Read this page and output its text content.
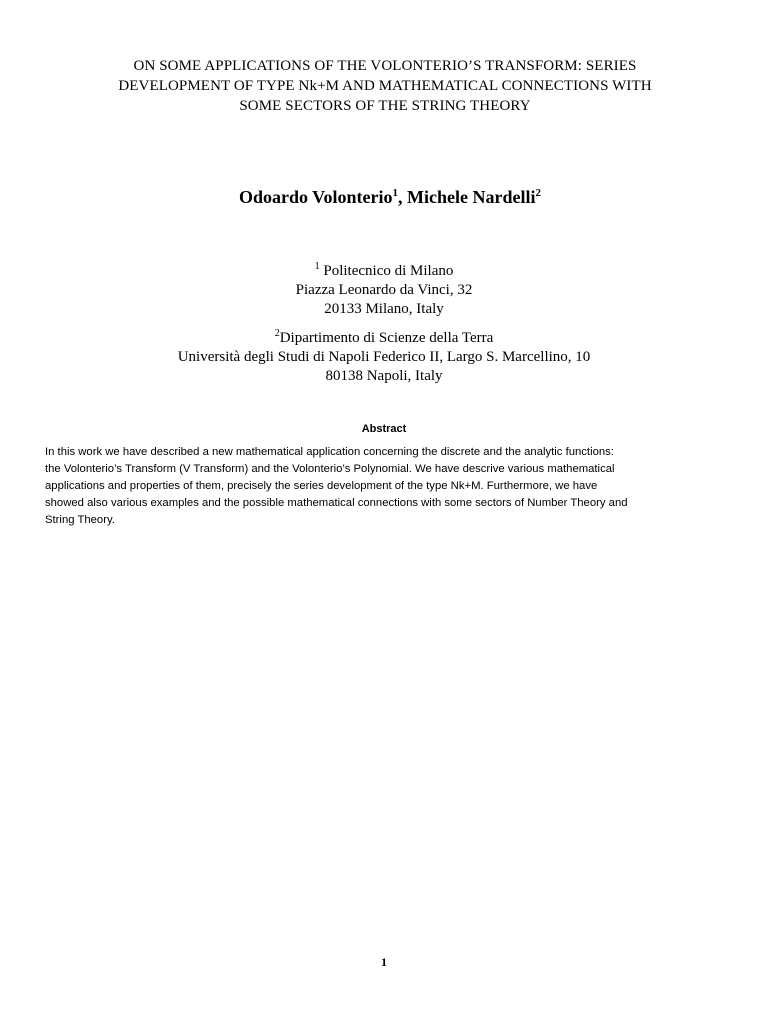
ON SOME APPLICATIONS OF THE VOLONTERIO’S TRANSFORM: SERIES
DEVELOPMENT OF TYPE Nk+M AND MATHEMATICAL CONNECTIONS WITH
SOME SECTORS OF THE STRING THEORY
Odoardo Volonterio$^1$, Michele Nardelli$^2$
$^1$ Politecnico di Milano
Piazza Leonardo da Vinci, 32
20133 Milano, Italy
$^2$Dipartimento di Scienze della Terra
Università degli Studi di Napoli Federico II, Largo S. Marcellino, 10
80138 Napoli, Italy
Abstract
In this work we have described a new mathematical application concerning the discrete and the analytic functions:
the Volonterio’s Transform (V Transform) and the Volonterio’s Polynomial. We have descrive various mathematical
applications and properties of them, precisely the series development of the type Nk+M. Furthermore, we have
showed also various examples and the possible mathematical connections with some sectors of Number Theory and
String Theory.
1
